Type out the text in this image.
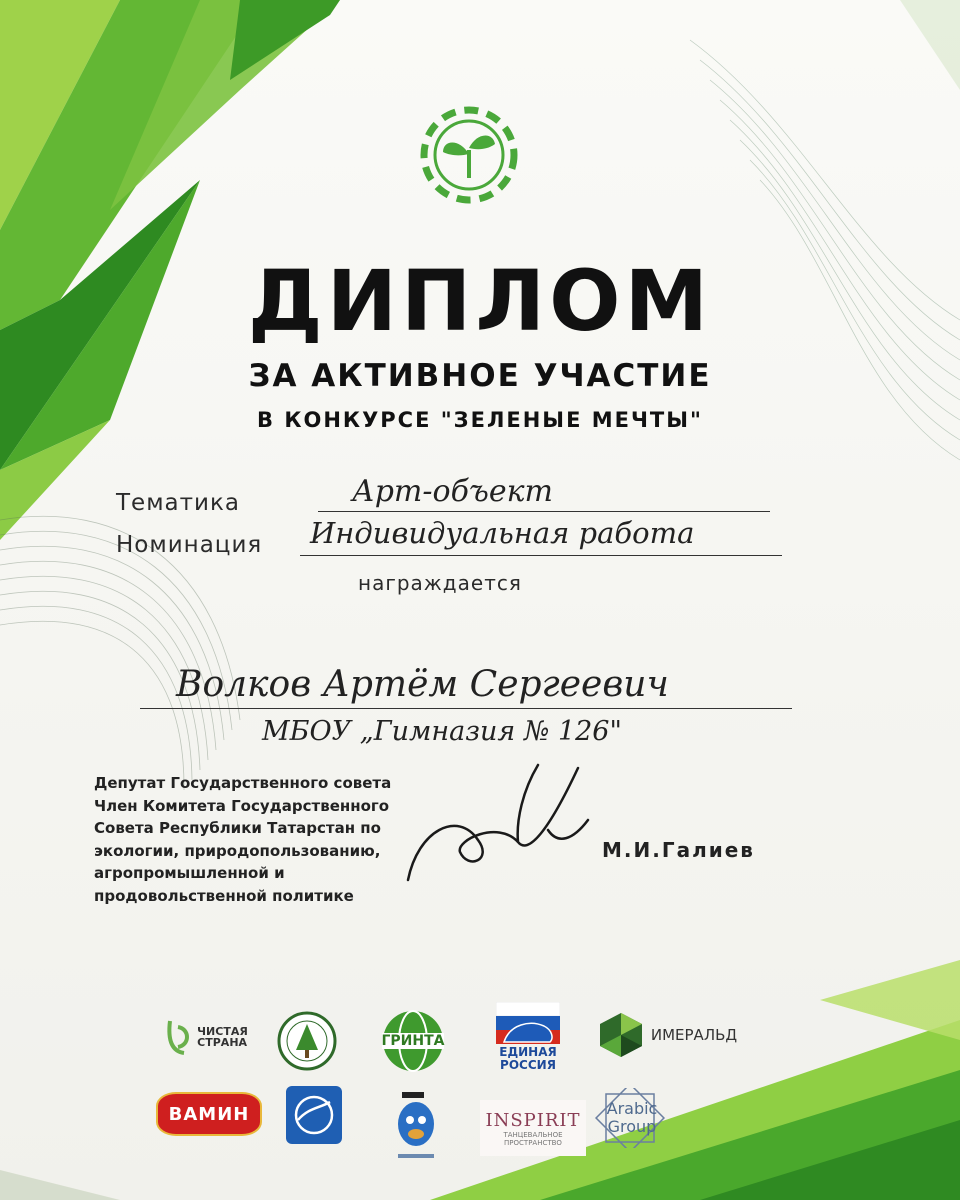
ДИПЛОМ
ЗА АКТИВНОЕ УЧАСТИЕ
В КОНКУРСЕ "ЗЕЛЕНЫЕ МЕЧТЫ"
Тематика	Арт-объект
Номинация Индивидуальная работа
награждается
Волков Артём Сергеевич
МБОУ „Гимназия № 126"
Депутат Государственного совета
Член Комитета Государственного
Совета Республики Татарстан по
экологии, природопользованию,
агропромышленной и
продовольственной политике
М.И.Галиев
ЧИСТАЯ
СТРАНА	ГРИНТА
ЕДИНАЯ
РОССИЯ
ИМЕРАЛЬД
ВАМИН	INSPIRIT
ТАНЦЕВАЛЬНОЕ
ПРОСТРАНСТВО
Arabic
Group
